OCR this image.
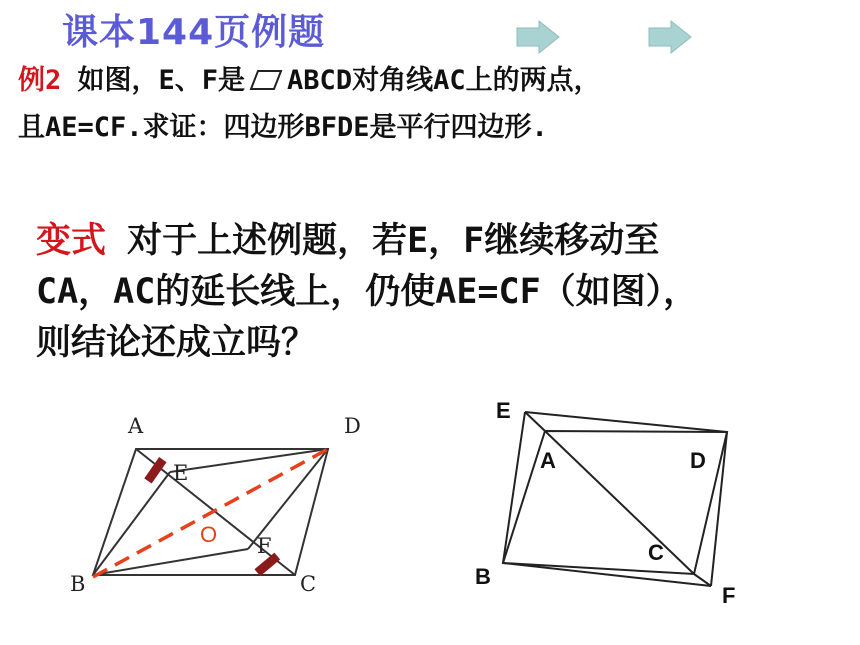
课本144页例题
例2 如图，E、F是 ABCD对角线AC上的两点，
且AE=CF.求证：四边形BFDE是平行四边形.
变式 对于上述例题，若E，F继续移动至
CA，AC的延长线上，仍使AE=CF（如图），
则结论还成立吗？
A	D
E
F
B	C
O
E
A	D
C
B
F
